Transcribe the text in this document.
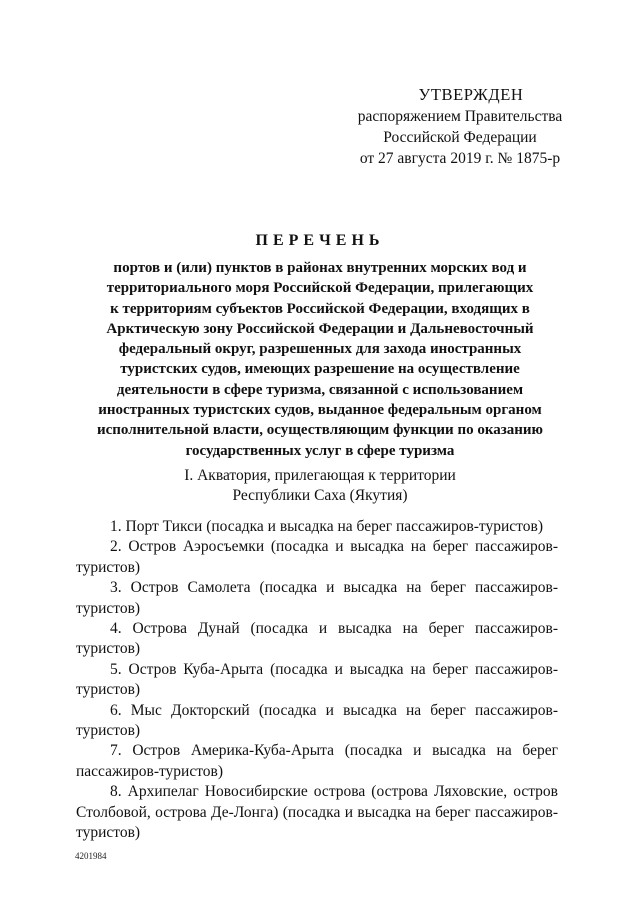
УТВЕРЖДЕН
распоряжением Правительства
Российской Федерации
от 27 августа 2019 г. № 1875-р
ПЕРЕЧЕНЬ
портов и (или) пунктов в районах внутренних морских вод и
территориального моря Российской Федерации, прилегающих
к территориям субъектов Российской Федерации, входящих в
Арктическую зону Российской Федерации и Дальневосточный
федеральный округ, разрешенных для захода иностранных
туристских судов, имеющих разрешение на осуществление
деятельности в сфере туризма, связанной с использованием
иностранных туристских судов, выданное федеральным органом
исполнительной власти, осуществляющим функции по оказанию
государственных услуг в сфере туризма
I. Акватория, прилегающая к территории
Республики Саха (Якутия)
1. Порт Тикси (посадка и высадка на берег пассажиров-туристов)
2. Остров Аэросъемки (посадка и высадка на берег пассажиров-
туристов)
3. Остров Самолета (посадка и высадка на берег пассажиров-
туристов)
4. Острова Дунай (посадка и высадка на берег пассажиров-туристов)
5. Остров Куба-Арыта (посадка и высадка на берег пассажиров-
туристов)
6. Мыс Докторский (посадка и высадка на берег пассажиров-
туристов)
7. Остров Америка-Куба-Арыта (посадка и высадка на берег
пассажиров-туристов)
8. Архипелаг Новосибирские острова (острова Ляховские, остров
Столбовой, острова Де-Лонга) (посадка и высадка на берег пассажиров-
туристов)
4201984
